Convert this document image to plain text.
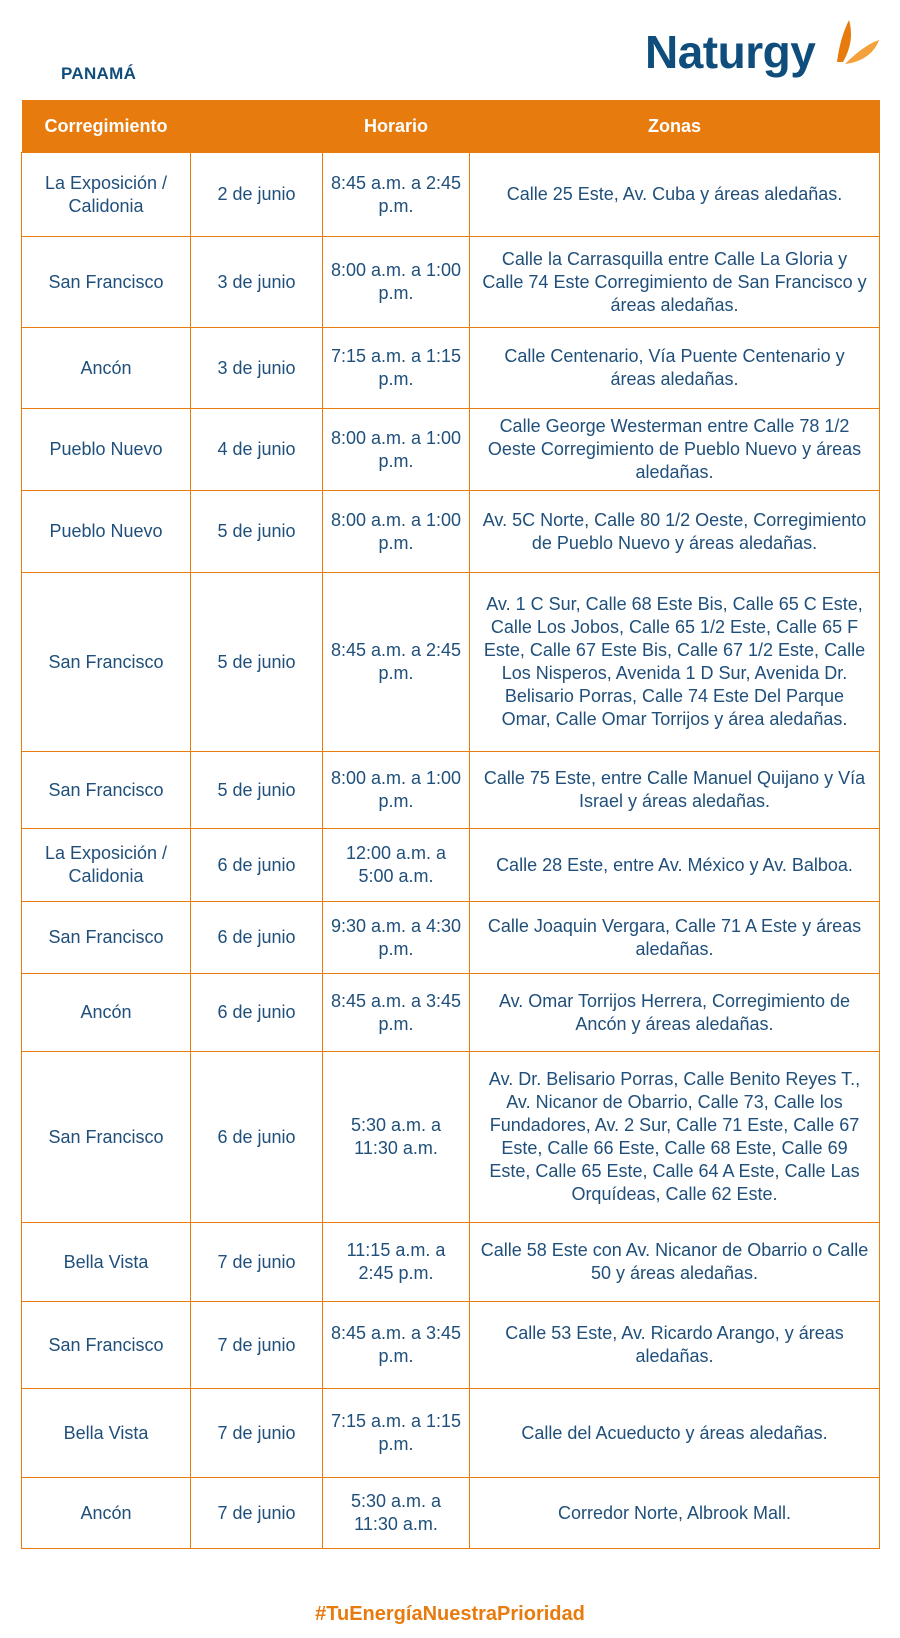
PANAMÁ	Naturgy
Corregimiento		Horario	Zonas
La Exposición / Calidonia	2 de junio	8:45 a.m. a 2:45 p.m.	Calle 25 Este, Av. Cuba y áreas aledañas.
San Francisco	3 de junio	8:00 a.m. a 1:00 p.m.	Calle la Carrasquilla entre Calle La Gloria y Calle 74 Este Corregimiento de San Francisco y áreas aledañas.
Ancón	3 de junio	7:15 a.m. a 1:15 p.m.	Calle Centenario, Vía Puente Centenario y áreas aledañas.
Pueblo Nuevo	4 de junio	8:00 a.m. a 1:00 p.m.	Calle George Westerman entre Calle 78 1/2 Oeste Corregimiento de Pueblo Nuevo y áreas aledañas.
Pueblo Nuevo	5 de junio	8:00 a.m. a 1:00 p.m.	Av. 5C Norte, Calle 80 1/2 Oeste, Corregimiento de Pueblo Nuevo y áreas aledañas.
San Francisco	5 de junio	8:45 a.m. a 2:45 p.m.	Av. 1 C Sur, Calle 68 Este Bis, Calle 65 C Este, Calle Los Jobos, Calle 65 1/2 Este, Calle 65 F Este, Calle 67 Este Bis, Calle 67 1/2 Este, Calle Los Nisperos, Avenida 1 D Sur, Avenida Dr. Belisario Porras, Calle 74 Este Del Parque Omar, Calle Omar Torrijos y área aledañas.
San Francisco	5 de junio	8:00 a.m. a 1:00 p.m.	Calle 75 Este, entre Calle Manuel Quijano y Vía Israel y áreas aledañas.
La Exposición / Calidonia	6 de junio	12:00 a.m. a 5:00 a.m.	Calle 28 Este, entre Av. México y Av. Balboa.
San Francisco	6 de junio	9:30 a.m. a 4:30 p.m.	Calle Joaquin Vergara, Calle 71 A Este y áreas aledañas.
Ancón	6 de junio	8:45 a.m. a 3:45 p.m.	Av. Omar Torrijos Herrera, Corregimiento de Ancón y áreas aledañas.
San Francisco	6 de junio	5:30 a.m. a 11:30 a.m.	Av. Dr. Belisario Porras, Calle Benito Reyes T., Av. Nicanor de Obarrio, Calle 73, Calle los Fundadores, Av. 2 Sur, Calle 71 Este, Calle 67 Este, Calle 66 Este, Calle 68 Este, Calle 69 Este, Calle 65 Este, Calle 64 A Este, Calle Las Orquídeas, Calle 62 Este.
Bella Vista	7 de junio	11:15 a.m. a 2:45 p.m.	Calle 58 Este con Av. Nicanor de Obarrio o Calle 50 y áreas aledañas.
San Francisco	7 de junio	8:45 a.m. a 3:45 p.m.	Calle 53 Este, Av. Ricardo Arango, y áreas aledañas.
Bella Vista	7 de junio	7:15 a.m. a 1:15 p.m.	Calle del Acueducto y áreas aledañas.
Ancón	7 de junio	5:30 a.m. a 11:30 a.m.	Corredor Norte, Albrook Mall.
#TuEnergíaNuestraPrioridad
